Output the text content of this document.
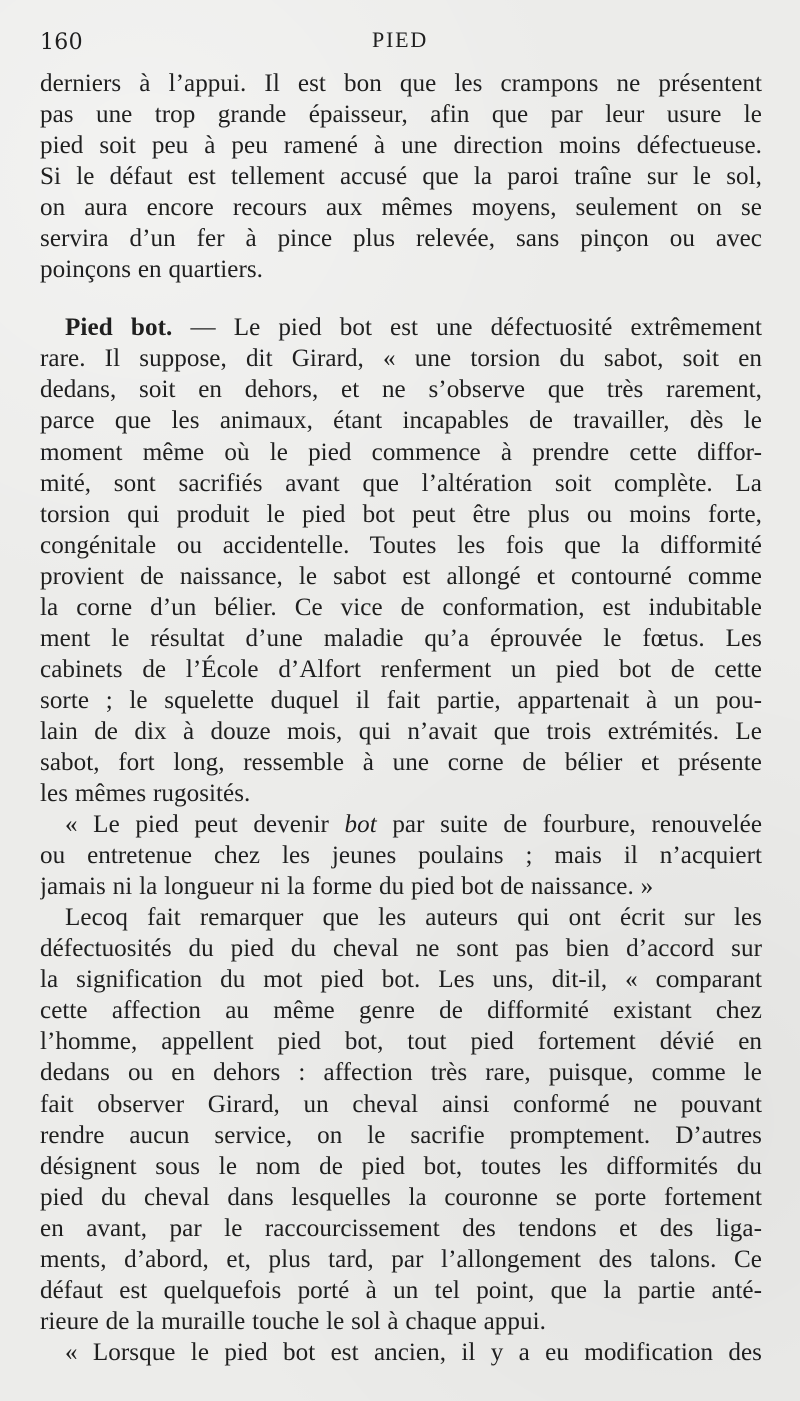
160	PIED
derniers à l’appui. Il est bon que les crampons ne présentent
pas une trop grande épaisseur, afin que par leur usure le
pied soit peu à peu ramené à une direction moins défectueuse.
Si le défaut est tellement accusé que la paroi traîne sur le sol,
on aura encore recours aux mêmes moyens, seulement on se
servira d’un fer à pince plus relevée, sans pinçon ou avec
poinçons en quartiers.
Pied bot. — Le pied bot est une défectuosité extrêmement
rare. Il suppose, dit Girard, « une torsion du sabot, soit en
dedans, soit en dehors, et ne s’observe que très rarement,
parce que les animaux, étant incapables de travailler, dès le
moment même où le pied commence à prendre cette diffor-
mité, sont sacrifiés avant que l’altération soit complète. La
torsion qui produit le pied bot peut être plus ou moins forte,
congénitale ou accidentelle. Toutes les fois que la difformité
provient de naissance, le sabot est allongé et contourné comme
la corne d’un bélier. Ce vice de conformation, est indubitable
ment le résultat d’une maladie qu’a éprouvée le fœtus. Les
cabinets de l’École d’Alfort renferment un pied bot de cette
sorte ; le squelette duquel il fait partie, appartenait à un pou-
lain de dix à douze mois, qui n’avait que trois extrémités. Le
sabot, fort long, ressemble à une corne de bélier et présente
les mêmes rugosités.
« Le pied peut devenir bot par suite de fourbure, renouvelée
ou entretenue chez les jeunes poulains ; mais il n’acquiert
jamais ni la longueur ni la forme du pied bot de naissance. »
Lecoq fait remarquer que les auteurs qui ont écrit sur les
défectuosités du pied du cheval ne sont pas bien d’accord sur
la signification du mot pied bot. Les uns, dit-il, « comparant
cette affection au même genre de difformité existant chez
l’homme, appellent pied bot, tout pied fortement dévié en
dedans ou en dehors : affection très rare, puisque, comme le
fait observer Girard, un cheval ainsi conformé ne pouvant
rendre aucun service, on le sacrifie promptement. D’autres
désignent sous le nom de pied bot, toutes les difformités du
pied du cheval dans lesquelles la couronne se porte fortement
en avant, par le raccourcissement des tendons et des liga-
ments, d’abord, et, plus tard, par l’allongement des talons. Ce
défaut est quelquefois porté à un tel point, que la partie anté-
rieure de la muraille touche le sol à chaque appui.
« Lorsque le pied bot est ancien, il y a eu modification des
